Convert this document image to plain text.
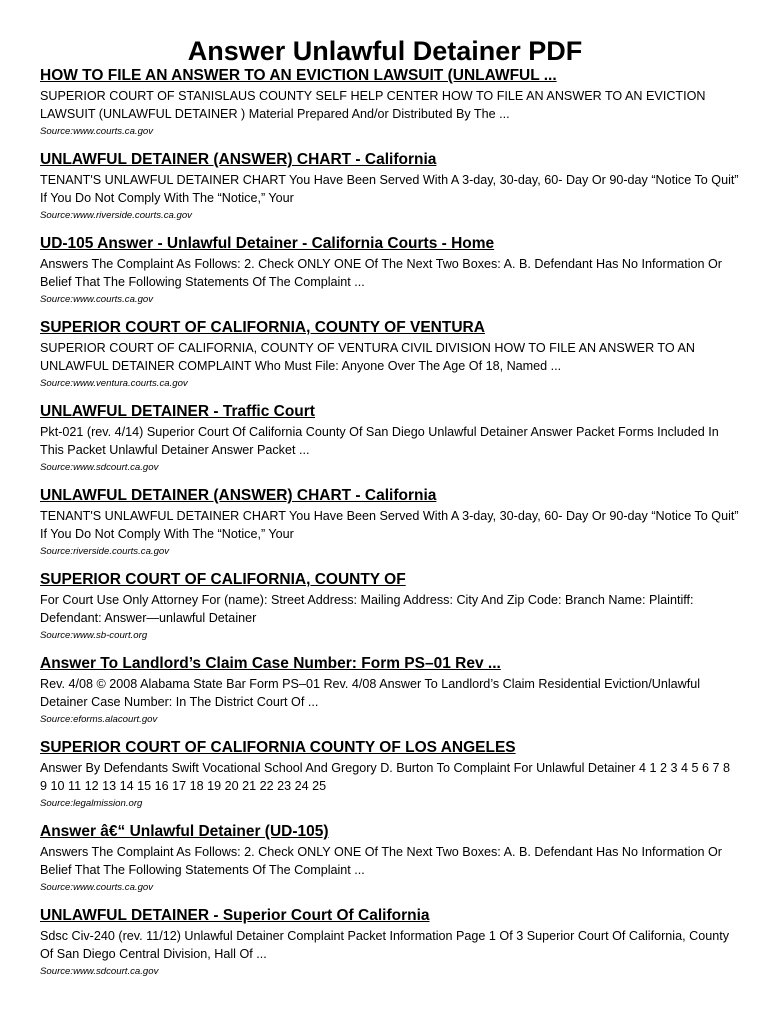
Answer Unlawful Detainer PDF
HOW TO FILE AN ANSWER TO AN EVICTION LAWSUIT (UNLAWFUL ...

SUPERIOR COURT OF STANISLAUS COUNTY SELF HELP CENTER HOW TO FILE AN ANSWER TO AN EVICTION LAWSUIT (UNLAWFUL DETAINER ) Material Prepared And/or Distributed By The ...

Source:www.courts.ca.gov

UNLAWFUL DETAINER (ANSWER) CHART - California

TENANT'S UNLAWFUL DETAINER CHART You Have Been Served With A 3-day, 30-day, 60- Day Or 90-day “Notice To Quit” If You Do Not Comply With The “Notice,” Your

Source:www.riverside.courts.ca.gov

UD-105 Answer - Unlawful Detainer - California Courts - Home

Answers The Complaint As Follows: 2. Check ONLY ONE Of The Next Two Boxes: A. B. Defendant Has No Information Or Belief That The Following Statements Of The Complaint ...

Source:www.courts.ca.gov

SUPERIOR COURT OF CALIFORNIA, COUNTY OF VENTURA

SUPERIOR COURT OF CALIFORNIA, COUNTY OF VENTURA CIVIL DIVISION HOW TO FILE AN ANSWER TO AN UNLAWFUL DETAINER COMPLAINT Who Must File: Anyone Over The Age Of 18, Named ...

Source:www.ventura.courts.ca.gov

UNLAWFUL DETAINER - Traffic Court

Pkt-021 (rev. 4/14) Superior Court Of California County Of San Diego Unlawful Detainer Answer Packet Forms Included In This Packet Unlawful Detainer Answer Packet ...

Source:www.sdcourt.ca.gov

UNLAWFUL DETAINER (ANSWER) CHART - California

TENANT'S UNLAWFUL DETAINER CHART You Have Been Served With A 3-day, 30-day, 60- Day Or 90-day “Notice To Quit” If You Do Not Comply With The “Notice,” Your

Source:riverside.courts.ca.gov

SUPERIOR COURT OF CALIFORNIA, COUNTY OF

For Court Use Only Attorney For (name): Street Address: Mailing Address: City And Zip Code: Branch Name: Plaintiff: Defendant: Answer—unlawful Detainer

Source:www.sb-court.org

Answer To Landlord’s Claim Case Number: Form PS–01 Rev ...

Rev. 4/08 © 2008 Alabama State Bar Form PS–01 Rev. 4/08 Answer To Landlord’s Claim Residential Eviction/Unlawful Detainer Case Number: In The District Court Of ...

Source:eforms.alacourt.gov

SUPERIOR COURT OF CALIFORNIA COUNTY OF LOS ANGELES

Answer By Defendants Swift Vocational School And Gregory D. Burton To Complaint For Unlawful Detainer 4 1 2 3 4 5 6 7 8 9 10 11 12 13 14 15 16 17 18 19 20 21 22 23 24 25

Source:legalmission.org

Answer â€“ Unlawful Detainer (UD-105)

Answers The Complaint As Follows: 2. Check ONLY ONE Of The Next Two Boxes: A. B. Defendant Has No Information Or Belief That The Following Statements Of The Complaint ...

Source:www.courts.ca.gov

UNLAWFUL DETAINER - Superior Court Of California

Sdsc Civ-240 (rev. 11/12) Unlawful Detainer Complaint Packet Information Page 1 Of 3 Superior Court Of California, County Of San Diego Central Division, Hall Of ...

Source:www.sdcourt.ca.gov
